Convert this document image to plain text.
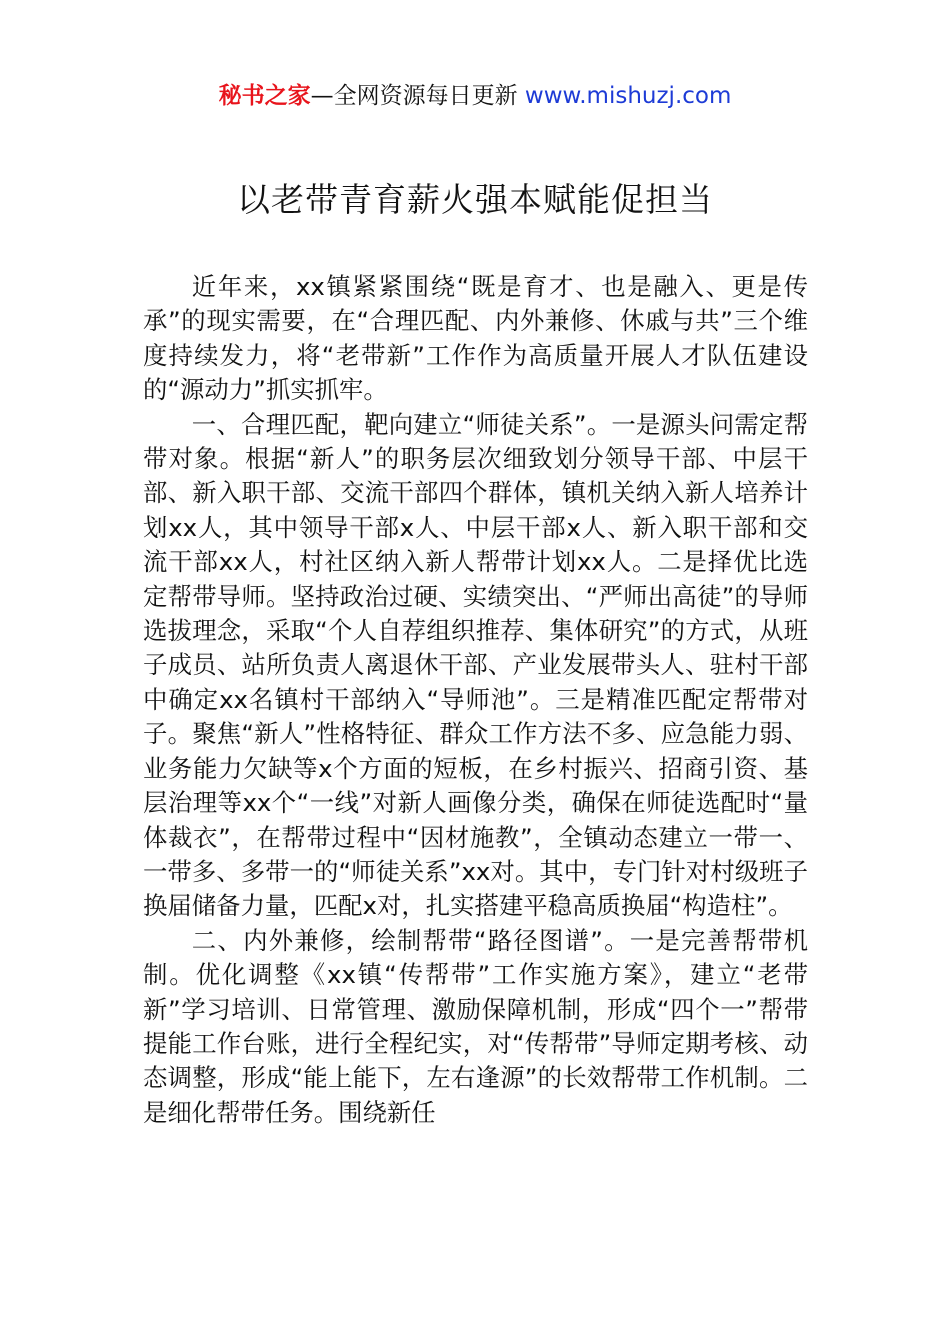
秘书之家—全网资源每日更新 www.mishuzj.com
以老带青育薪火强本赋能促担当

近年来，xx镇紧紧围绕“既是育才、也是融入、更是传承”的现实需要，在“合理匹配、内外兼修、休戚与共”三个维度持续发力，将“老带新”工作作为高质量开展人才队伍建设的“源动力”抓实抓牢。

一、合理匹配，靶向建立“师徒关系”。一是源头问需定帮带对象。根据“新人”的职务层次细致划分领导干部、中层干部、新入职干部、交流干部四个群体，镇机关纳入新人培养计划xx人，其中领导干部x人、中层干部x人、新入职干部和交流干部xx人，村社区纳入新人帮带计划xx人。二是择优比选定帮带导师。坚持政治过硬、实绩突出、“严师出高徒”的导师选拔理念，采取“个人自荐组织推荐、集体研究”的方式，从班子成员、站所负责人离退休干部、产业发展带头人、驻村干部中确定xx名镇村干部纳入“导师池”。三是精准匹配定帮带对子。聚焦“新人”性格特征、群众工作方法不多、应急能力弱、业务能力欠缺等x个方面的短板，在乡村振兴、招商引资、基层治理等xx个“一线”对新人画像分类，确保在师徒选配时“量体裁衣”，在帮带过程中“因材施教”，全镇动态建立一带一、一带多、多带一的“师徒关系”xx对。其中，专门针对村级班子换届储备力量，匹配x对，扎实搭建平稳高质换届“构造柱”。

二、内外兼修，绘制帮带“路径图谱”。一是完善帮带机制。优化调整《xx镇“传帮带”工作实施方案》，建立“老带新”学习培训、日常管理、激励保障机制，形成“四个一”帮带提能工作台账，进行全程纪实，对“传帮带”导师定期考核、动态调整，形成“能上能下，左右逢源”的长效帮带工作机制。二是细化帮带任务。围绕新任
